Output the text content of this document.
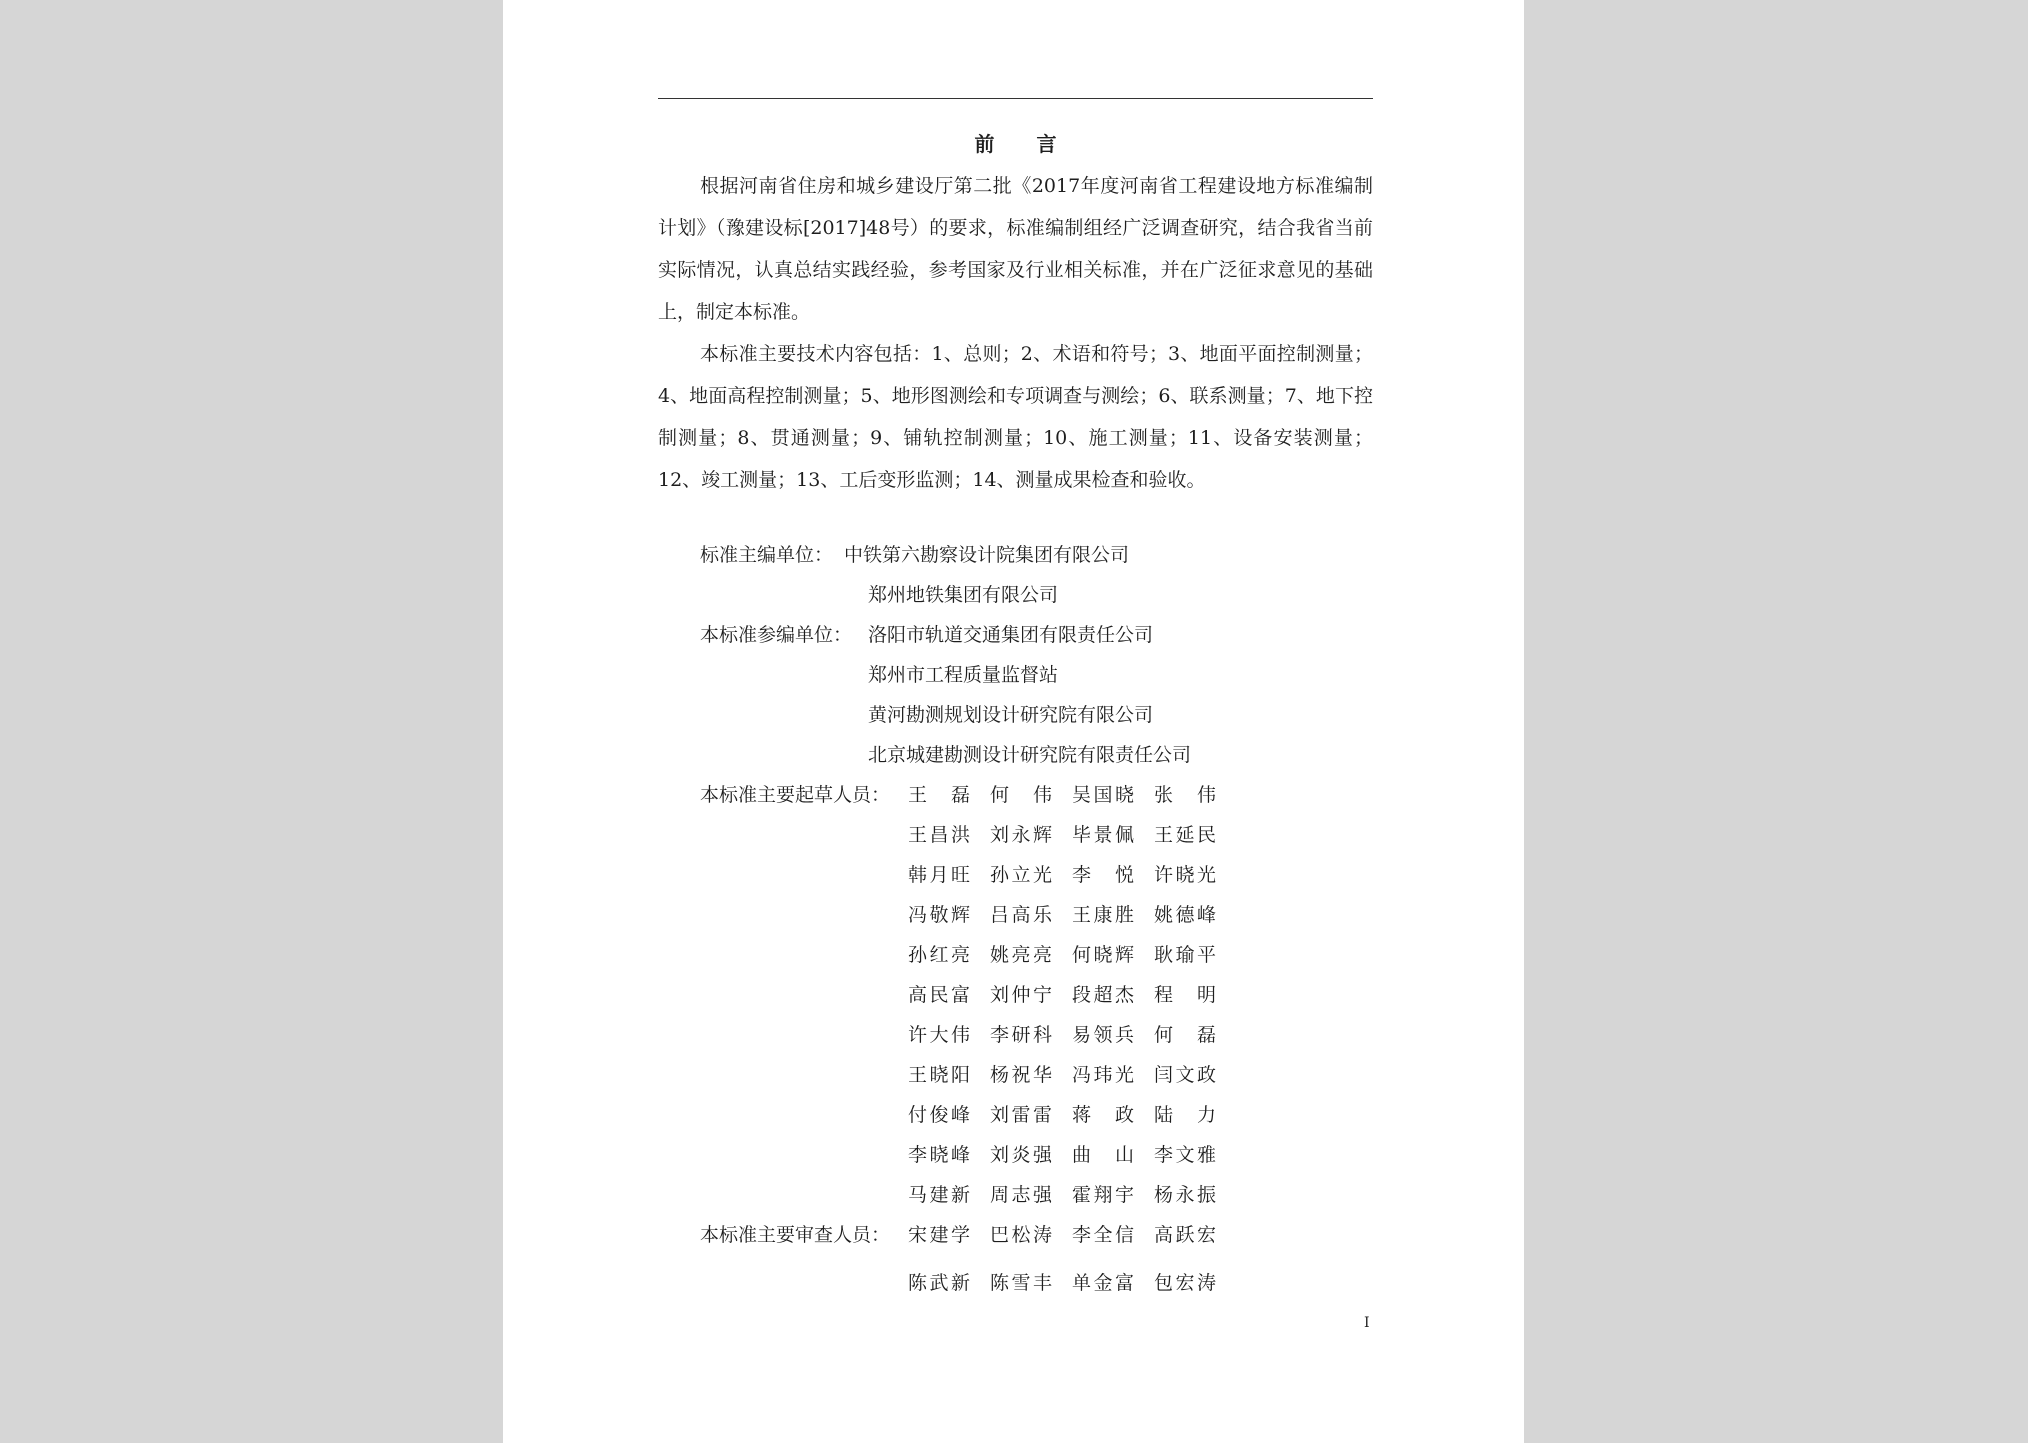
前言

根据河南省住房和城乡建设厅第二批《2017年度河南省工程建设地方标准编制计划》（豫建设标[2017]48号）的要求，标准编制组经广泛调查研究，结合我省当前实际情况，认真总结实践经验，参考国家及行业相关标准，并在广泛征求意见的基础上，制定本标准。

本标准主要技术内容包括：1、总则；2、术语和符号；3、地面平面控制测量；4、地面高程控制测量；5、地形图测绘和专项调查与测绘；6、联系测量；7、地下控制测量；8、贯通测量；9、铺轨控制测量；10、施工测量；11、设备安装测量；12、竣工测量；13、工后变形监测；14、测量成果检查和验收。

标准主编单位： 中铁第六勘察设计院集团有限公司
郑州地铁集团有限公司
本标准参编单位： 洛阳市轨道交通集团有限责任公司
郑州市工程质量监督站
黄河勘测规划设计研究院有限公司
北京城建勘测设计研究院有限责任公司
本标准主要起草人员： 王　磊 何　伟 吴国晓 张　伟
王昌洪 刘永辉 毕景佩 王延民
韩月旺 孙立光 李　悦 许晓光
冯敬辉 吕高乐 王康胜 姚德峰
孙红亮 姚亮亮 何晓辉 耿瑜平
高民富 刘仲宁 段超杰 程　明
许大伟 李研科 易领兵 何　磊
王晓阳 杨祝华 冯玮光 闫文政
付俊峰 刘雷雷 蒋　政 陆　力
李晓峰 刘炎强 曲　山 李文雅
马建新 周志强 霍翔宇 杨永振
本标准主要审查人员： 宋建学 巴松涛 李全信 高跃宏
陈武新 陈雪丰 单金富 包宏涛
I
